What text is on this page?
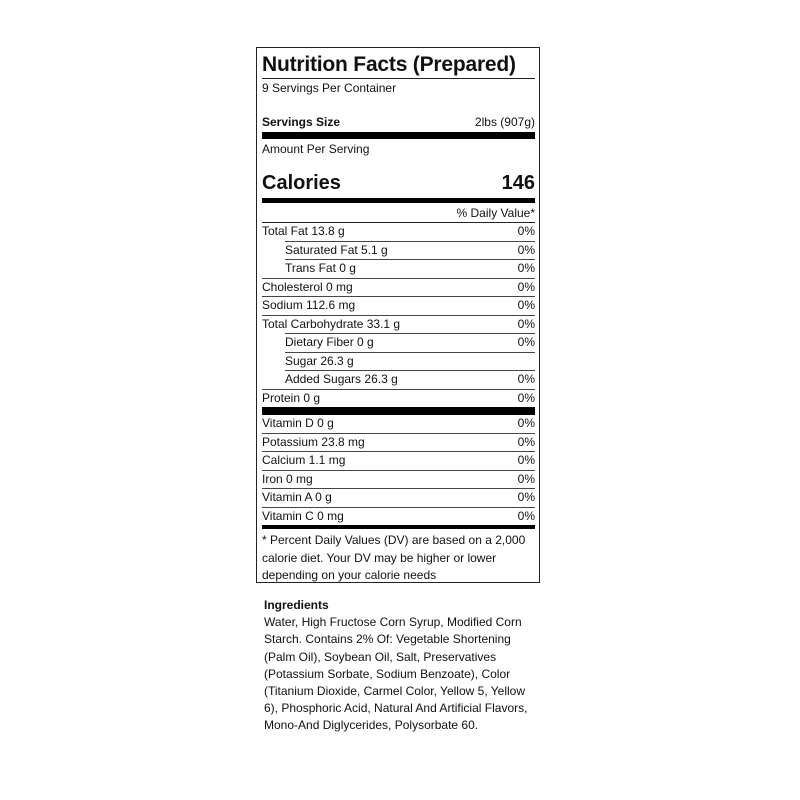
Nutrition Facts (Prepared)
9 Servings Per Container
Servings Size	2lbs (907g)
Amount Per Serving
Calories	146
% Daily Value*
Total Fat 13.8 g	0%
Saturated Fat 5.1 g	0%
Trans Fat 0 g	0%
Cholesterol 0 mg	0%
Sodium 112.6 mg	0%
Total Carbohydrate 33.1 g	0%
Dietary Fiber 0 g	0%
Sugar 26.3 g
Added Sugars 26.3 g	0%
Protein 0 g	0%
Vitamin D 0 g	0%
Potassium 23.8 mg	0%
Calcium 1.1 mg	0%
Iron 0 mg	0%
Vitamin A 0 g	0%
Vitamin C 0 mg	0%
* Percent Daily Values (DV) are based on a 2,000 calorie diet. Your DV may be higher or lower depending on your calorie needs
Ingredients
Water, High Fructose Corn Syrup, Modified Corn Starch. Contains 2% Of: Vegetable Shortening (Palm Oil), Soybean Oil, Salt, Preservatives (Potassium Sorbate, Sodium Benzoate), Color (Titanium Dioxide, Carmel Color, Yellow 5, Yellow 6), Phosphoric Acid, Natural And Artificial Flavors, Mono-And Diglycerides, Polysorbate 60.
